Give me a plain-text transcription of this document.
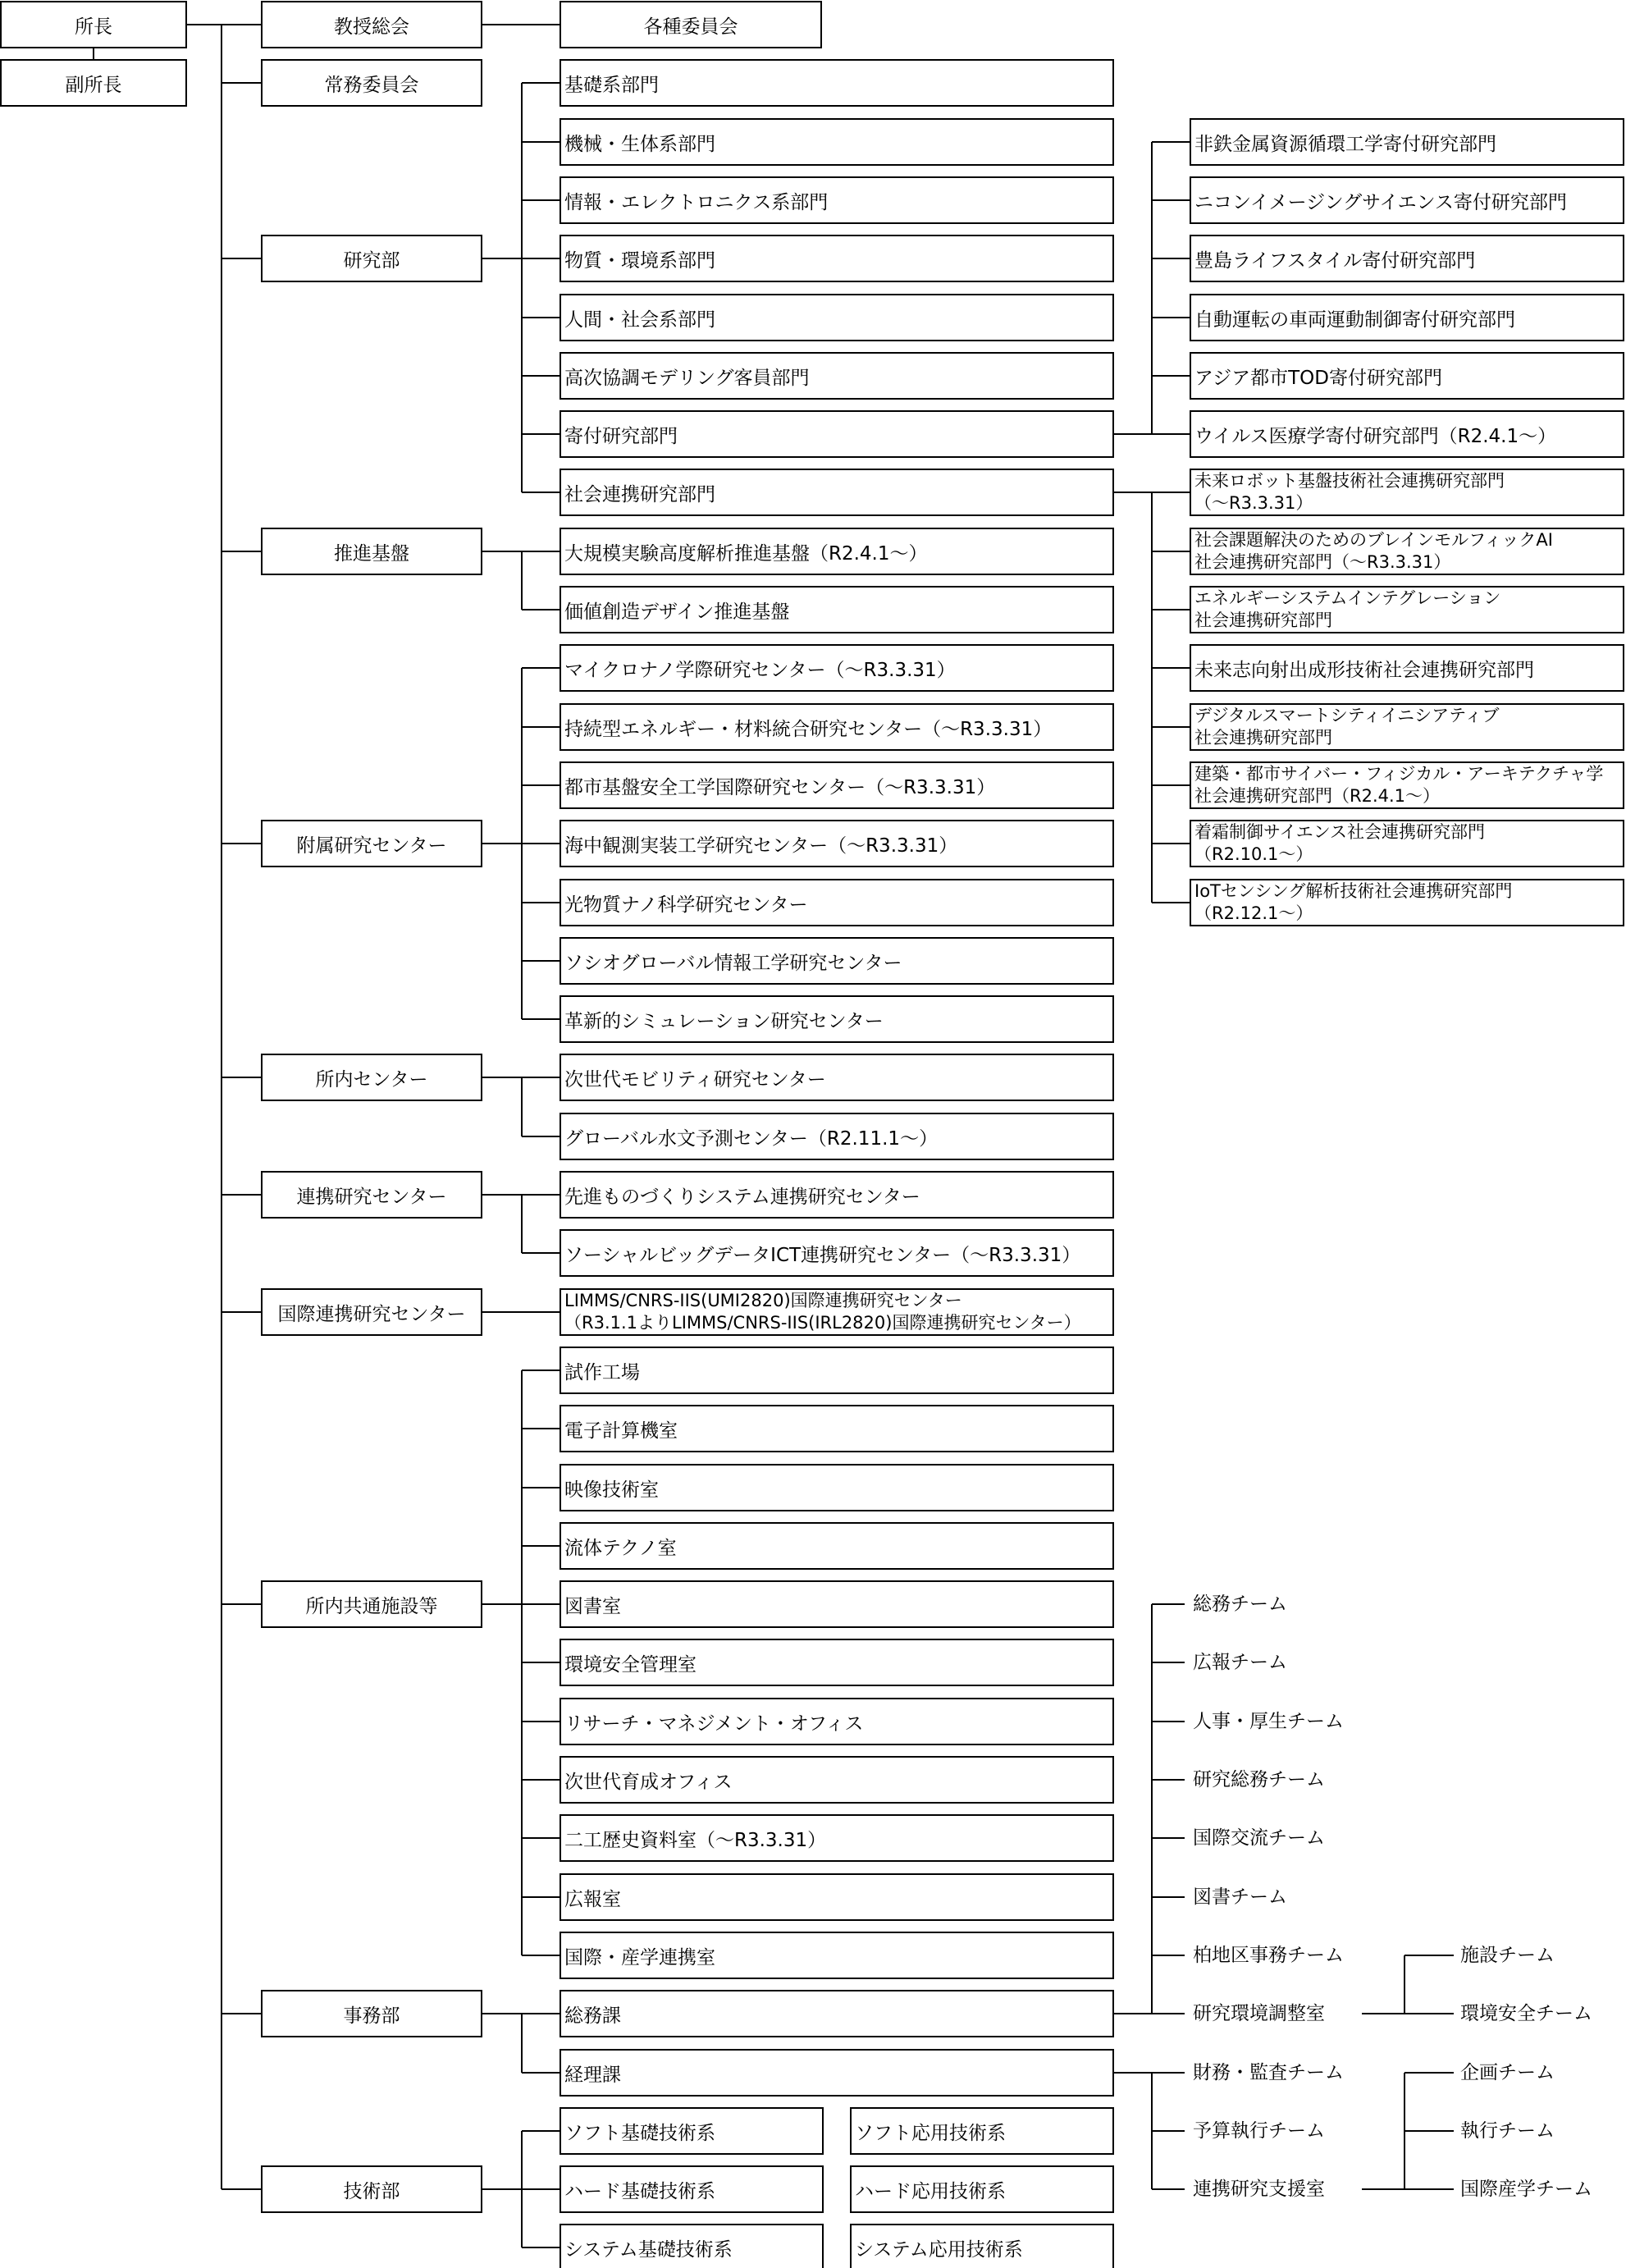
所長
副所長
教授総会	各種委員会
常務委員会
研究部
基礎系部門
機械・生体系部門
情報・エレクトロニクス系部門
物質・環境系部門
人間・社会系部門
高次協調モデリング客員部門
寄付研究部門
社会連携研究部門
推進基盤	大規模実験高度解析推進基盤（R2.4.1～）
価値創造デザイン推進基盤
附属研究センター
マイクロナノ学際研究センター（～R3.3.31）
持続型エネルギー・材料統合研究センター（～R3.3.31）
都市基盤安全工学国際研究センター（～R3.3.31）
海中観測実装工学研究センター（～R3.3.31）
光物質ナノ科学研究センター
ソシオグローバル情報工学研究センター
革新的シミュレーション研究センター
所内センター	次世代モビリティ研究センター
グローバル水文予測センター（R2.11.1～）
連携研究センター	先進ものづくりシステム連携研究センター
ソーシャルビッグデータICT連携研究センター（～R3.3.31）
国際連携研究センター
LIMMS/CNRS-IIS(UMI2820)国際連携研究センター
（R3.1.1よりLIMMS/CNRS-IIS(IRL2820)国際連携研究センター）
所内共通施設等
試作工場
電子計算機室
映像技術室
流体テクノ室
図書室
環境安全管理室
リサーチ・マネジメント・オフィス
次世代育成オフィス
二工歴史資料室（～R3.3.31）
広報室
国際・産学連携室
事務部	総務課
経理課
技術部
ソフト基礎技術系
ハード基礎技術系
システム基礎技術系
ソフト応用技術系
ハード応用技術系
システム応用技術系
非鉄金属資源循環工学寄付研究部門
ニコンイメージングサイエンス寄付研究部門
豊島ライフスタイル寄付研究部門
自動運転の車両運動制御寄付研究部門
アジア都市TOD寄付研究部門
ウイルス医療学寄付研究部門（R2.4.1～）
未来ロボット基盤技術社会連携研究部門
（～R3.3.31）
社会課題解決のためのブレインモルフィックAI
社会連携研究部門（～R3.3.31）
エネルギーシステムインテグレーション
社会連携研究部門
未来志向射出成形技術社会連携研究部門
デジタルスマートシティイニシアティブ
社会連携研究部門
建築・都市サイバー・フィジカル・アーキテクチャ学
社会連携研究部門（R2.4.1～）
着霜制御サイエンス社会連携研究部門
（R2.10.1～）
IoTセンシング解析技術社会連携研究部門
（R2.12.1～）
総務チーム
広報チーム
人事・厚生チーム
研究総務チーム
国際交流チーム
図書チーム
柏地区事務チーム
研究環境調整室
施設チーム
環境安全チーム
財務・監査チーム
予算執行チーム
連携研究支援室
企画チーム
執行チーム
国際産学チーム
